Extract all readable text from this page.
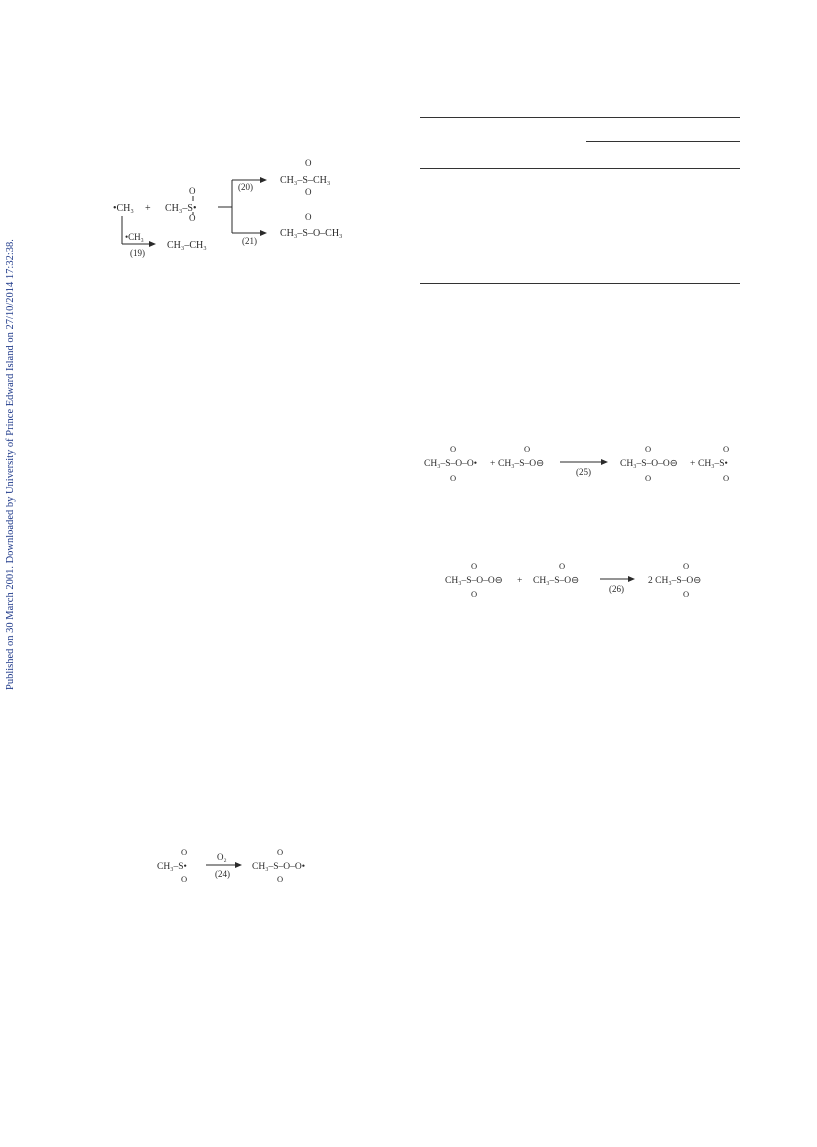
Published on 30 March 2001. Downloaded by University of Prince Edward Island on 27/10/2014 17:32:38.
•CH₃ + CH₃–S•
O
O
(20)
(21)
CH₃–S–CH₃
O
O
CH₃–S–O–CH₃
O
•CH₃
(19)
CH₃–CH₃
CH₃–S–O–O•
O
O
+ CH₃–S–O⊖
O
(25)
CH₃–S–O–O⊖
O
O
+ CH₃–S•
O
O
CH₃–S–O–O⊖
O
O
+ CH₃–S–O⊖
O
(26)
2 CH₃–S–O⊖
O
O
CH₃–S•
O
O
O₂
(24)
CH₃–S–O–O•
O
O
